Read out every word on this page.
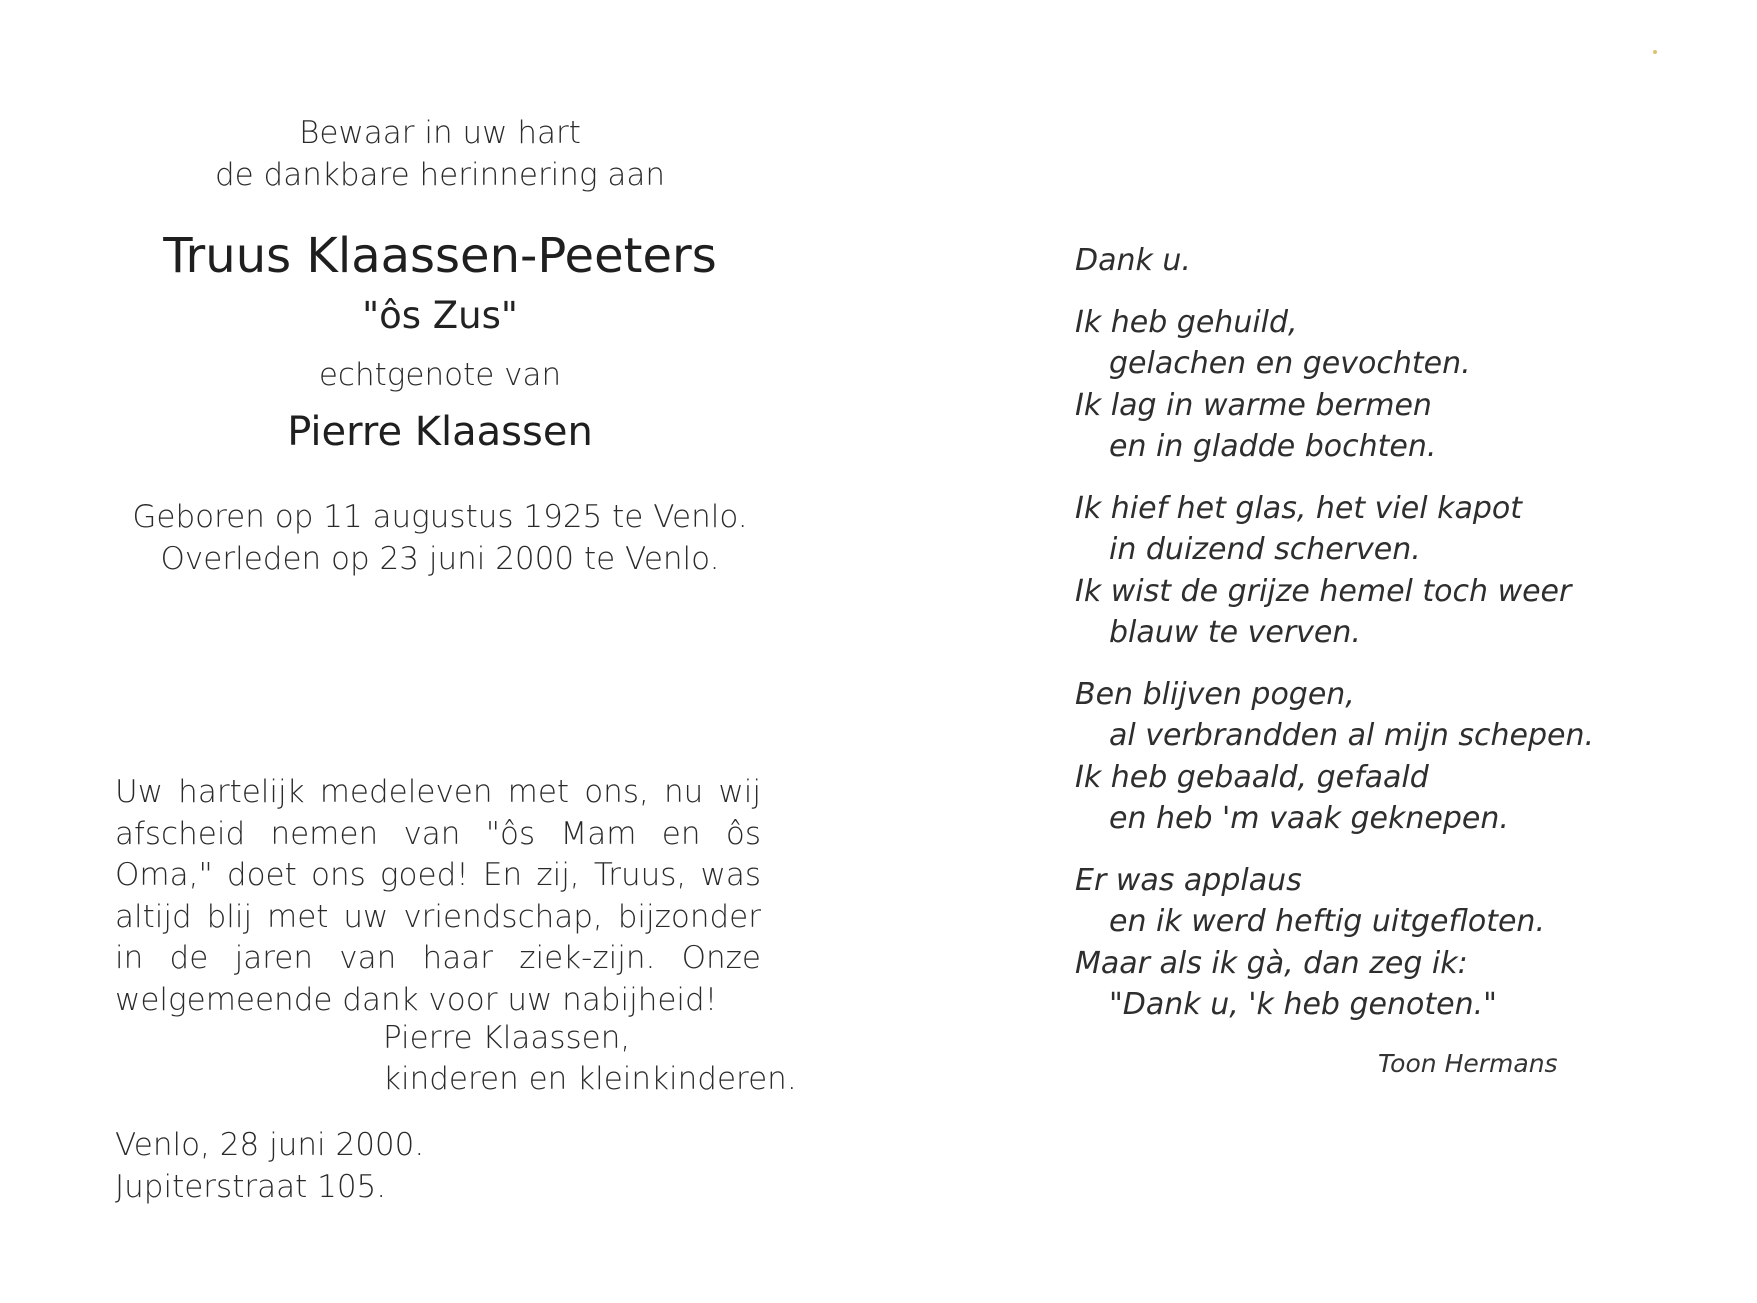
Bewaar in uw hart

de dankbare herinnering aan

Truus Klaassen-Peeters

"ôs Zus"

echtgenote van

Pierre Klaassen

Geboren op 11 augustus 1925 te Venlo.
Overleden op 23 juni 2000 te Venlo.

Uw hartelijk medeleven met ons, nu wij afscheid nemen van "ôs Mam en ôs Oma," doet ons goed! En zij, Truus, was altijd blij met uw vriendschap, bijzonder in de jaren van haar ziek-zijn. Onze welgemeende dank voor uw nabijheid!

Pierre Klaassen,
kinderen en kleinkinderen.
Venlo, 28 juni 2000.
Jupiterstraat 105.
Dank u.
Ik heb gehuild,
gelachen en gevochten.
Ik lag in warme bermen
en in gladde bochten.
Ik hief het glas, het viel kapot
in duizend scherven.
Ik wist de grijze hemel toch weer
blauw te verven.
Ben blijven pogen,
al verbrandden al mijn schepen.
Ik heb gebaald, gefaald
en heb 'm vaak geknepen.
Er was applaus
en ik werd heftig uitgefloten.
Maar als ik gà, dan zeg ik:
"Dank u, 'k heb genoten."
Toon Hermans
